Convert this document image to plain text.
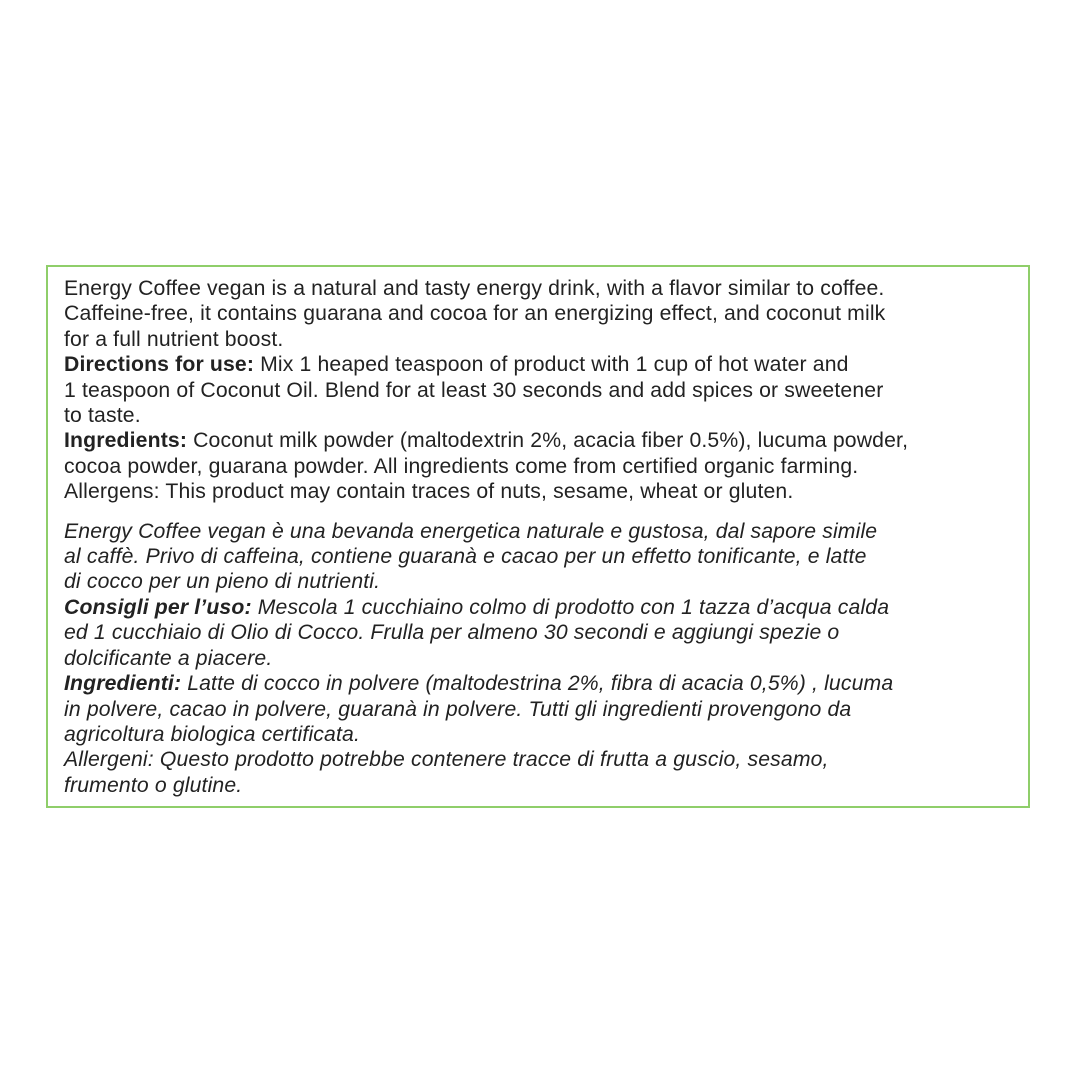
Energy Coffee vegan is a natural and tasty energy drink, with a flavor similar to coffee.
Caffeine-free, it contains guarana and cocoa for an energizing effect, and coconut milk
for a full nutrient boost.

Directions for use: Mix 1 heaped teaspoon of product with 1 cup of hot water and
1 teaspoon of Coconut Oil. Blend for at least 30 seconds and add spices or sweetener
to taste.

Ingredients: Coconut milk powder (maltodextrin 2%, acacia fiber 0.5%), lucuma powder,
cocoa powder, guarana powder. All ingredients come from certified organic farming.

Allergens: This product may contain traces of nuts, sesame, wheat or gluten.

Energy Coffee vegan è una bevanda energetica naturale e gustosa, dal sapore simile
al caffè. Privo di caffeina, contiene guaranà e cacao per un effetto tonificante, e latte
di cocco per un pieno di nutrienti.

Consigli per l’uso: Mescola 1 cucchiaino colmo di prodotto con 1 tazza d’acqua calda
ed 1 cucchiaio di Olio di Cocco. Frulla per almeno 30 secondi e aggiungi spezie o
dolcificante a piacere.

Ingredienti: Latte di cocco in polvere (maltodestrina 2%, fibra di acacia 0,5%) , lucuma
in polvere, cacao in polvere, guaranà in polvere. Tutti gli ingredienti provengono da
agricoltura biologica certificata.

Allergeni: Questo prodotto potrebbe contenere tracce di frutta a guscio, sesamo,
frumento o glutine.
